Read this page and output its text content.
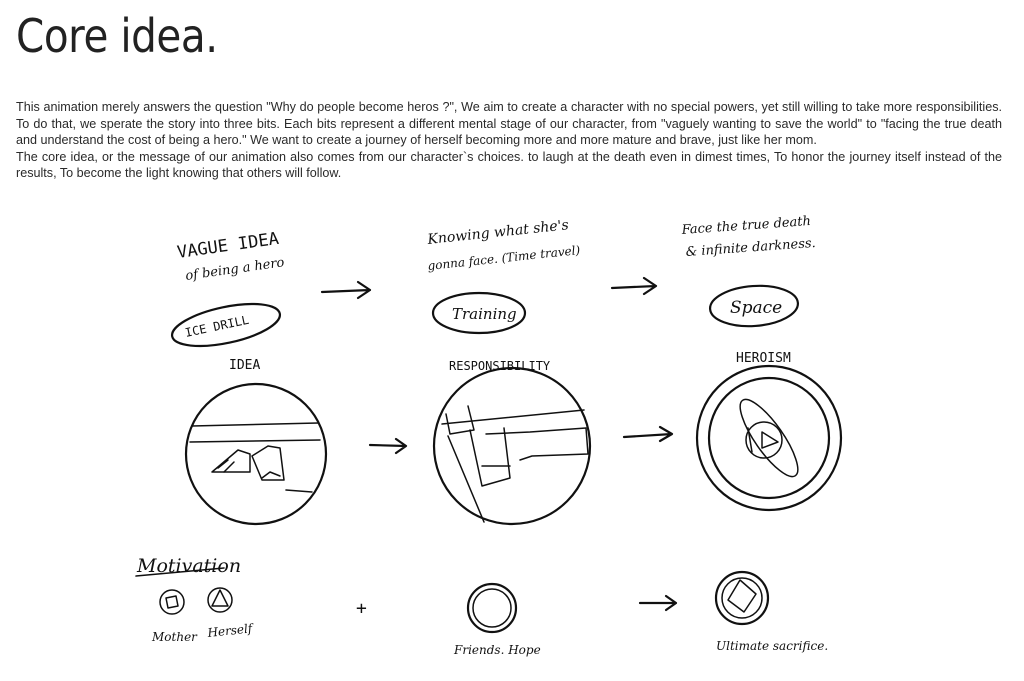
Core idea.

This animation merely answers the question "Why do people become heros ?", We aim to create a character with no special powers, yet still willing to take more responsibilities. To do that, we sperate the story into three bits. Each bits represent a different mental stage of our character, from "vaguely wanting to save the world" to "facing the true death and understand the cost of being a hero." We want to create a journey of herself becoming more and more mature and brave, just like her mom.

The core idea, or the message of our animation also comes from our character`s choices. to laugh at the death even in dimest times, To honor the journey itself instead of the results, To become the light knowing that others will follow.

VAGUE IDEA
of being a hero
ICE DRILL
IDEA
Knowing what she's
gonna face. (Time travel)
Training
RESPONSIBILITY
Face the true death
& infinite darkness.
Space
HEROISM
Motivation
Mother Herself
+
Friends. Hope	Ultimate sacrifice.
